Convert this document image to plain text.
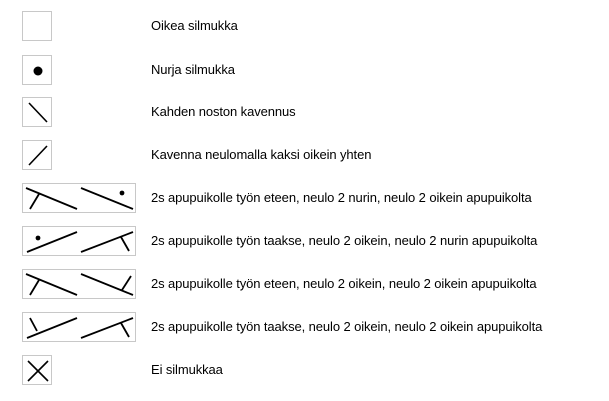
Oikea silmukka
Nurja silmukka
Kahden noston kavennus
Kavenna neulomalla kaksi oikein yhten
2s apupuikolle työn eteen, neulo 2 nurin, neulo 2 oikein apupuikolta
2s apupuikolle työn taakse, neulo 2 oikein, neulo 2 nurin apupuikolta
2s apupuikolle työn eteen, neulo 2 oikein, neulo 2 oikein apupuikolta
2s apupuikolle työn taakse, neulo 2 oikein, neulo 2 oikein apupuikolta
Ei silmukkaa
